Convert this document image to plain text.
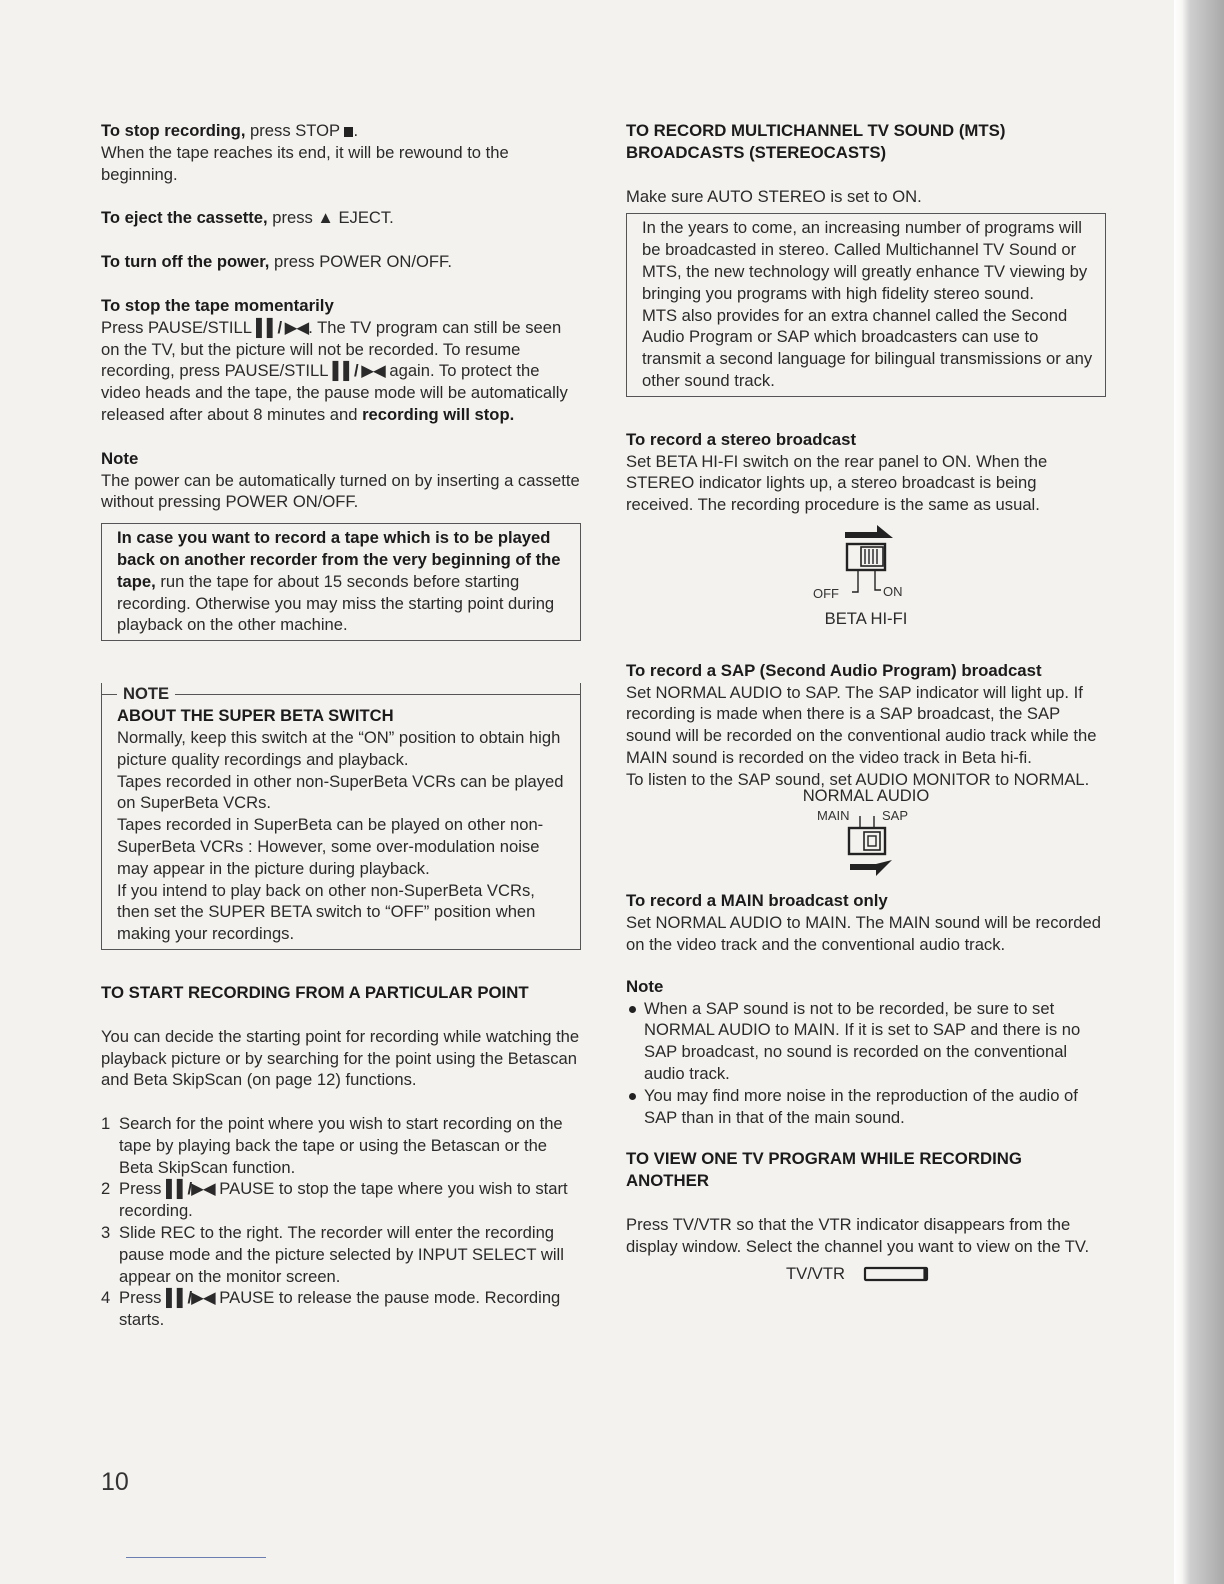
To stop recording, press STOP .
When the tape reaches its end, it will be rewound to the beginning.

To eject the cassette, press ▲ EJECT.

To turn off the power, press POWER ON/OFF.

To stop the tape momentarily

Press PAUSE/STILL ▌▌/ ▶◀. The TV program can still be seen on the TV, but the picture will not be recorded. To resume recording, press PAUSE/STILL ▌▌/ ▶◀ again. To protect the video heads and the tape, the pause mode will be automatically released after about 8 minutes and recording will stop.

Note

The power can be automatically turned on by inserting a cassette without pressing POWER ON/OFF.

In case you want to record a tape which is to be played back on another recorder from the very beginning of the tape, run the tape for about 15 seconds before starting recording. Otherwise you may miss the starting point during playback on the other machine.
NOTE

ABOUT THE SUPER BETA SWITCH

Normally, keep this switch at the “ON” position to obtain high picture quality recordings and playback.

Tapes recorded in other non-SuperBeta VCRs can be played on SuperBeta VCRs.

Tapes recorded in SuperBeta can be played on other non-SuperBeta VCRs : However, some over-modulation noise may appear in the picture during playback.

If you intend to play back on other non-SuperBeta VCRs, then set the SUPER BETA switch to “OFF” position when making your recordings.

TO START RECORDING FROM A PARTICULAR POINT

You can decide the starting point for recording while watching the playback picture or by searching for the point using the Betascan and Beta SkipScan (on page 12) functions.

1 Search for the point where you wish to start recording on the tape by playing back the tape or using the Betascan or the Beta SkipScan function.
2 Press ▌▌/▶◀ PAUSE to stop the tape where you wish to start recording.
3 Slide REC to the right. The recorder will enter the recording pause mode and the picture selected by INPUT SELECT will appear on the monitor screen.
4 Press ▌▌/▶◀ PAUSE to release the pause mode. Recording starts.

TO RECORD MULTICHANNEL TV SOUND (MTS) BROADCASTS (STEREOCASTS)

Make sure AUTO STEREO is set to ON.

In the years to come, an increasing number of programs will be broadcasted in stereo. Called Multichannel TV Sound or MTS, the new technology will greatly enhance TV viewing by bringing you programs with high fidelity stereo sound.

MTS also provides for an extra channel called the Second Audio Program or SAP which broadcasters can use to transmit a second language for bilingual transmissions or any other sound track.

To record a stereo broadcast

Set BETA HI-FI switch on the rear panel to ON. When the STEREO indicator lights up, a stereo broadcast is being received. The recording procedure is the same as usual.

OFF	ON

BETA HI-FI

To record a SAP (Second Audio Program) broadcast

Set NORMAL AUDIO to SAP. The SAP indicator will light up. If recording is made when there is a SAP broadcast, the SAP sound will be recorded on the conventional audio track while the MAIN sound is recorded on the video track in Beta hi-fi.

To listen to the SAP sound, set AUDIO MONITOR to NORMAL.

NORMAL AUDIO

MAIN	SAP

To record a MAIN broadcast only

Set NORMAL AUDIO to MAIN. The MAIN sound will be recorded on the video track and the conventional audio track.

Note

When a SAP sound is not to be recorded, be sure to set NORMAL AUDIO to MAIN. If it is set to SAP and there is no SAP broadcast, no sound is recorded on the conventional audio track.
You may find more noise in the reproduction of the audio of SAP than in that of the main sound.

TO VIEW ONE TV PROGRAM WHILE RECORDING ANOTHER

Press TV/VTR so that the VTR indicator disappears from the display window. Select the channel you want to view on the TV.

TV/VTR
10
